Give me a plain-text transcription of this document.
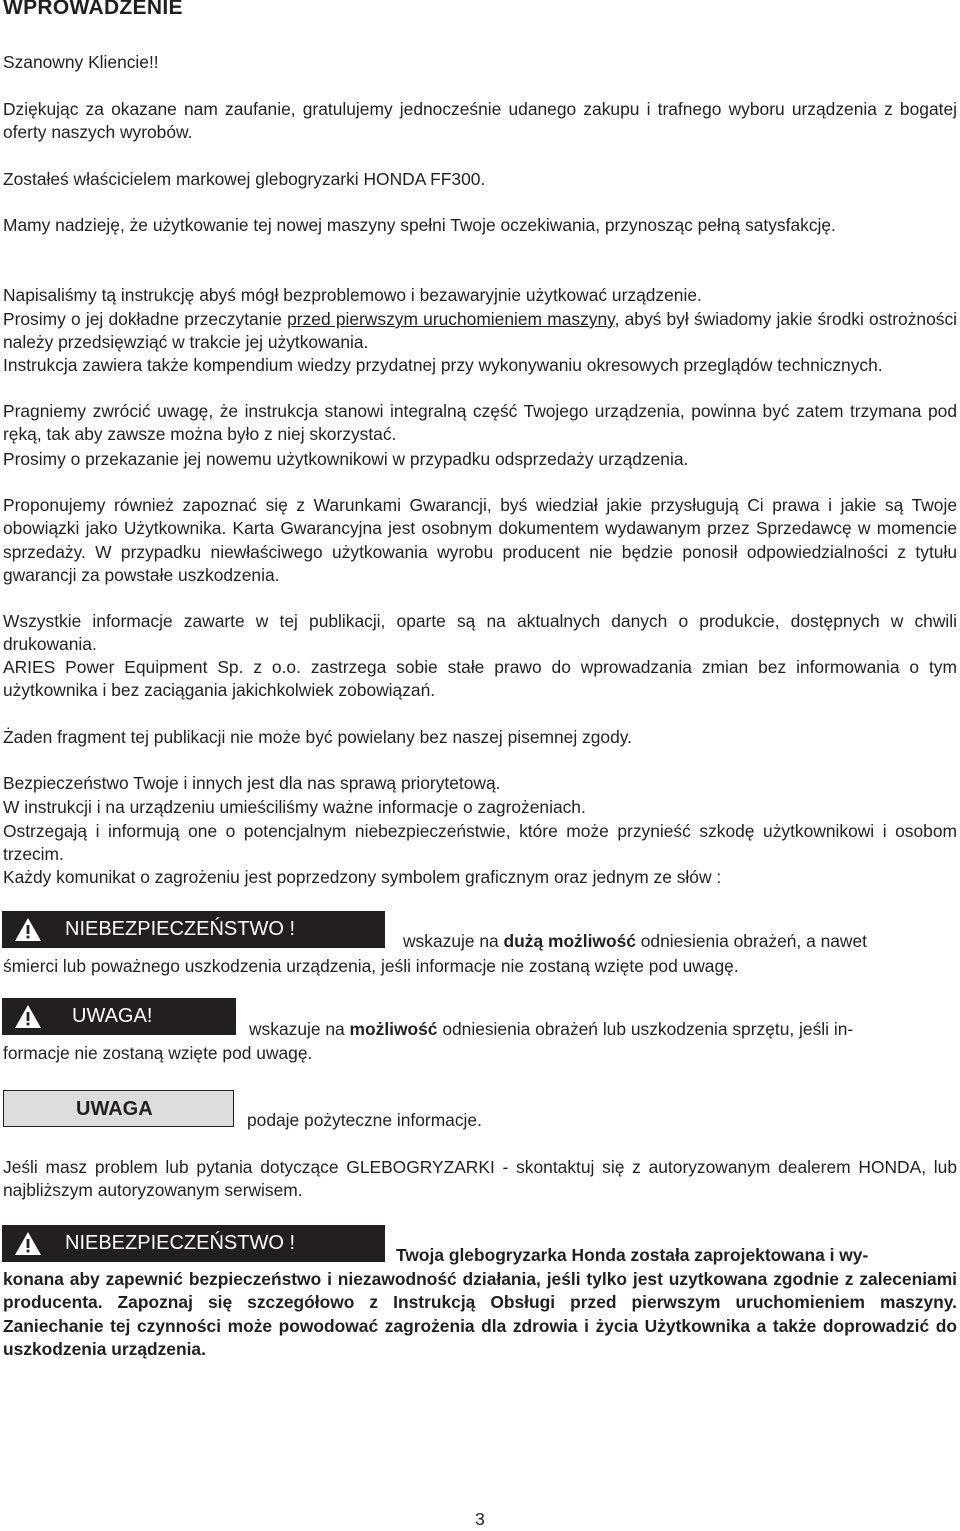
WPROWADZENIE

Szanowny Kliencie!!

Dziękując za okazane nam zaufanie, gratulujemy jednocześnie udanego zakupu i trafnego wyboru urządzenia z bogatej oferty naszych wyrobów.

Zostałeś właścicielem markowej glebogryzarki HONDA FF300.

Mamy nadzieję, że użytkowanie tej nowej maszyny spełni Twoje oczekiwania, przynosząc pełną satysfakcję.

Napisaliśmy tą instrukcję abyś mógł bezproblemowo i bezawaryjnie użytkować urządzenie.

Prosimy o jej dokładne przeczytanie przed pierwszym uruchomieniem maszyny, abyś był świadomy jakie środki ostrożności należy przedsięwziąć w trakcie jej użytkowania.

Instrukcja zawiera także kompendium wiedzy przydatnej przy wykonywaniu okresowych przeglądów technicznych.

Pragniemy zwrócić uwagę, że instrukcja stanowi integralną część Twojego urządzenia, powinna być zatem trzymana pod ręką, tak aby zawsze można było z niej skorzystać.

Prosimy o przekazanie jej nowemu użytkownikowi w przypadku odsprzedaży urządzenia.

Proponujemy również zapoznać się z Warunkami Gwarancji, byś wiedział jakie przysługują Ci prawa i jakie są Twoje obowiązki jako Użytkownika. Karta Gwarancyjna jest osobnym dokumentem wydawanym przez Sprzedawcę w momencie sprzedaży. W przypadku niewłaściwego użytkowania wyrobu producent nie będzie ponosił odpowiedzialności z tytułu gwarancji za powstałe uszkodzenia.

Wszystkie informacje zawarte w tej publikacji, oparte są na aktualnych danych o produkcie, dostępnych w chwili drukowania.

ARIES Power Equipment Sp. z o.o. zastrzega sobie stałe prawo do wprowadzania zmian bez informowania o tym użytkownika i bez zaciągania jakichkolwiek zobowiązań.

Żaden fragment tej publikacji nie może być powielany bez naszej pisemnej zgody.

Bezpieczeństwo Twoje i innych jest dla nas sprawą priorytetową.

W instrukcji i na urządzeniu umieściliśmy ważne informacje o zagrożeniach.

Ostrzegają i informują one o potencjalnym niebezpieczeństwie, które może przynieść szkodę użytkownikowi i osobom trzecim.

Każdy komunikat o zagrożeniu jest poprzedzony symbolem graficznym oraz jednym ze słów :

NIEBEZPIECZEŃSTWO !
wskazuje na dużą możliwość odniesienia obrażeń, a nawet

śmierci lub poważnego uszkodzenia urządzenia, jeśli informacje nie zostaną wzięte pod uwagę.

UWAGA!
wskazuje na możliwość odniesienia obrażeń lub uszkodzenia sprzętu, jeśli in-

formacje nie zostaną wzięte pod uwagę.

UWAGA	podaje pożyteczne informacje.

Jeśli masz problem lub pytania dotyczące GLEBOGRYZARKI - skontaktuj się z autoryzowanym dealerem HONDA, lub najbliższym autoryzowanym serwisem.

NIEBEZPIECZEŃSTWO !
Twoja glebogryzarka Honda została zaprojektowana i wy-

konana aby zapewnić bezpieczeństwo i niezawodność działania, jeśli tylko jest uzytkowana zgodnie z zaleceniami producenta. Zapoznaj się szczegółowo z Instrukcją Obsługi przed pierwszym uruchomieniem maszyny. Zaniechanie tej czynności może powodować zagrożenia dla zdrowia i życia Użytkownika a także doprowadzić do uszkodzenia urządzenia.

3
